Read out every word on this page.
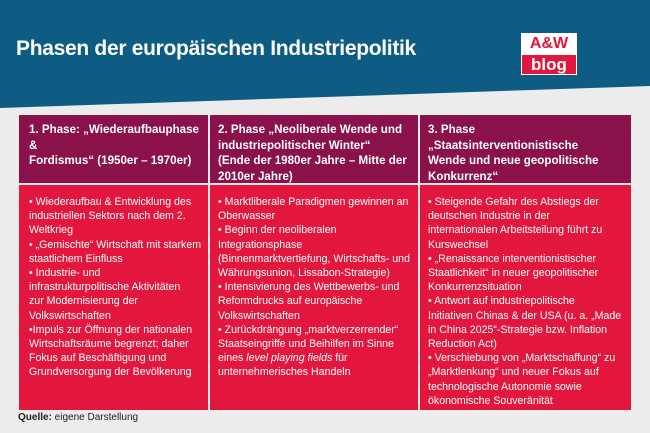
Phasen der europäischen Industriepolitik	A&W
blog
1. Phase: „Wiederaufbauphase &
Fordismus“ (1950er – 1970er)
• Wiederaufbau & Entwicklung des
industriellen Sektors nach dem 2.
Weltkrieg
• „Gemischte“ Wirtschaft mit starkem
staatlichem Einfluss
• Industrie- und
infrastrukturpolitische Aktivitäten
zur Modernisierung der
Volkswirtschaften
•Impuls zur Öffnung der nationalen
Wirtschaftsräume begrenzt; daher
Fokus auf Beschäftigung und
Grundversorgung der Bevölkerung
2. Phase „Neoliberale Wende und
industriepolitischer Winter“
(Ende der 1980er Jahre – Mitte der
2010er Jahre)
• Marktliberale Paradigmen gewinnen an
Oberwasser
• Beginn der neoliberalen
Integrationsphase
(Binnenmarktvertiefung, Wirtschafts- und
Währungsunion, Lissabon-Strategie)
• Intensivierung des Wettbewerbs- und
Reformdrucks auf europäische
Volkswirtschaften
• Zurückdrängung „marktverzerrender“
Staatseingriffe und Beihilfen im Sinne
eines level playing fields für
unternehmerisches Handeln
3. Phase „Staatsinterventionistische
Wende und neue geopolitische
Konkurrenz“
• Steigende Gefahr des Abstiegs der
deutschen Industrie in der
internationalen Arbeitsteilung führt zu
Kurswechsel
• „Renaissance interventionistischer
Staatlichkeit“ in neuer geopolitischer
Konkurrenzsituation
• Antwort auf industriepolitische
Initiativen Chinas & der USA (u. a. „Made
in China 2025“-Strategie bzw. Inflation
Reduction Act)
• Verschiebung von „Marktschaffung“ zu
„Marktlenkung“ und neuer Fokus auf
technologische Autonomie sowie
ökonomische Souveränität
Quelle: eigene Darstellung
